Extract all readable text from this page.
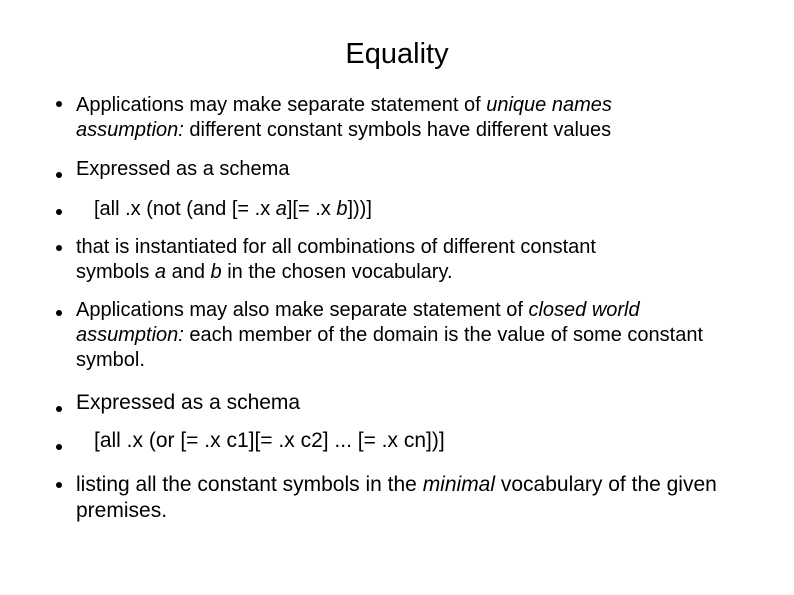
Equality
Applications may make separate statement of unique names assumption: different constant symbols have different values
Expressed as a schema
[all .x (not (and [= .x a][= .x b]))]
that is instantiated for all combinations of different constant symbols a and b in the chosen vocabulary.
Applications may also make separate statement of closed world assumption: each member of the domain is the value of some constant symbol.
Expressed as a schema
[all .x (or [= .x c1][= .x c2] ... [= .x cn])]
listing all the constant symbols in the minimal vocabulary of the given premises.
